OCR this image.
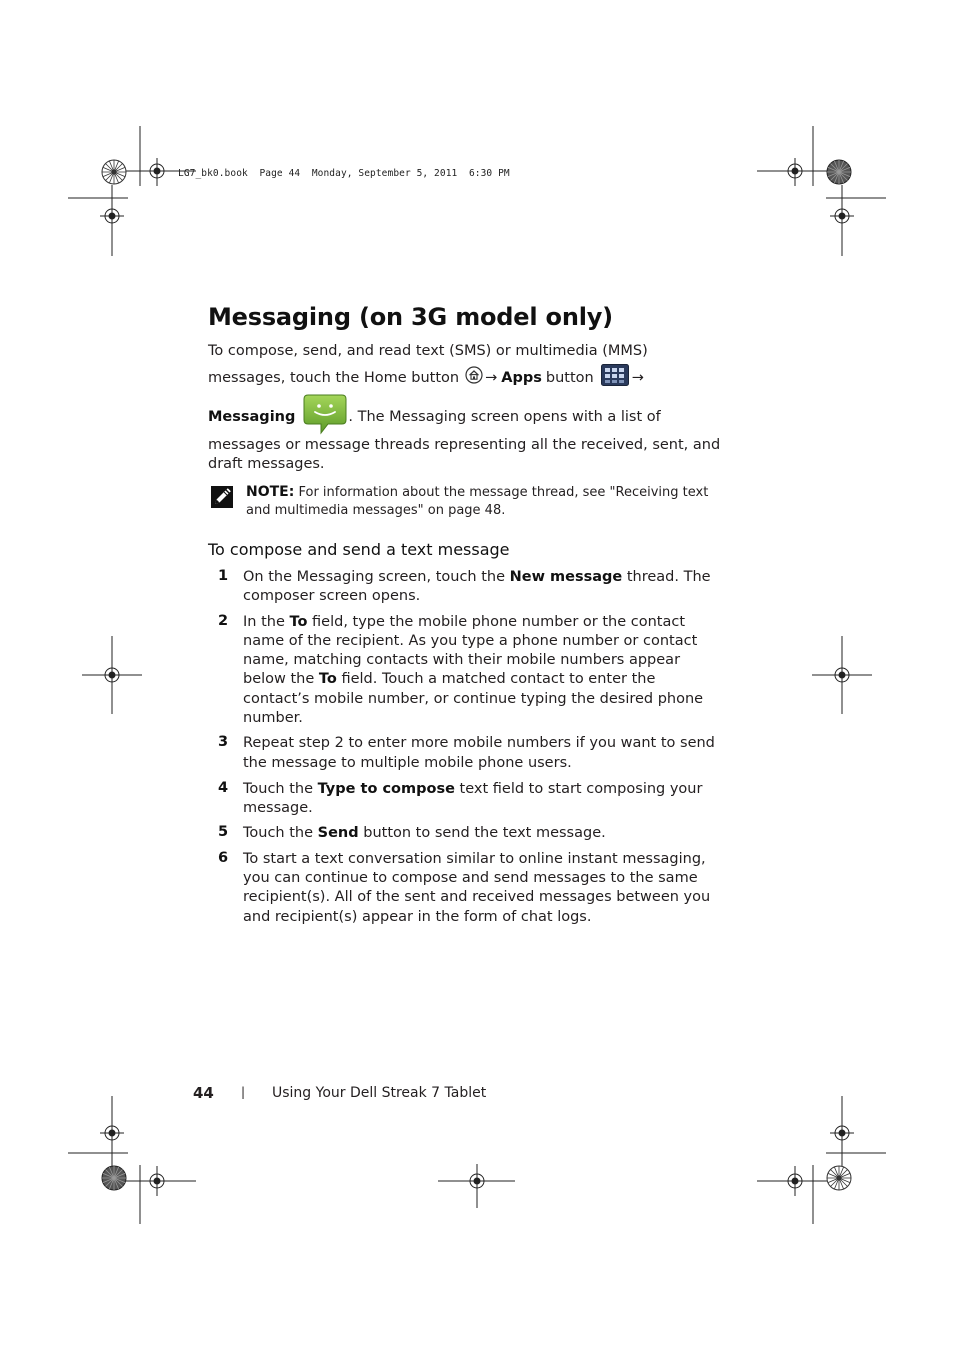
LG7_bk0.book  Page 44  Monday, September 5, 2011  6:30 PM
Messaging (on 3G model only)
To compose, send, and read text (SMS) or multimedia (MMS)
messages, touch the Home button → Apps button	→
Messaging	. The Messaging screen opens with a list of
messages or message threads representing all the received, sent, and
draft messages.
NOTE: For information about the message thread, see "Receiving text
and multimedia messages" on page 48.
To compose and send a text message
1 On the Messaging screen, touch the New message thread. The
composer screen opens.
2 In the To field, type the mobile phone number or the contact
name of the recipient. As you type a phone number or contact
name, matching contacts with their mobile numbers appear
below the To field. Touch a matched contact to enter the
contact’s mobile number, or continue typing the desired phone
number.
3 Repeat step 2 to enter more mobile numbers if you want to send
the message to multiple mobile phone users.
4 Touch the Type to compose text field to start composing your
message.
5 Touch the Send button to send the text message.
6 To start a text conversation similar to online instant messaging,
you can continue to compose and send messages to the same
recipient(s). All of the sent and received messages between you
and recipient(s) appear in the form of chat logs.
44 | Using Your Dell Streak 7 Tablet
